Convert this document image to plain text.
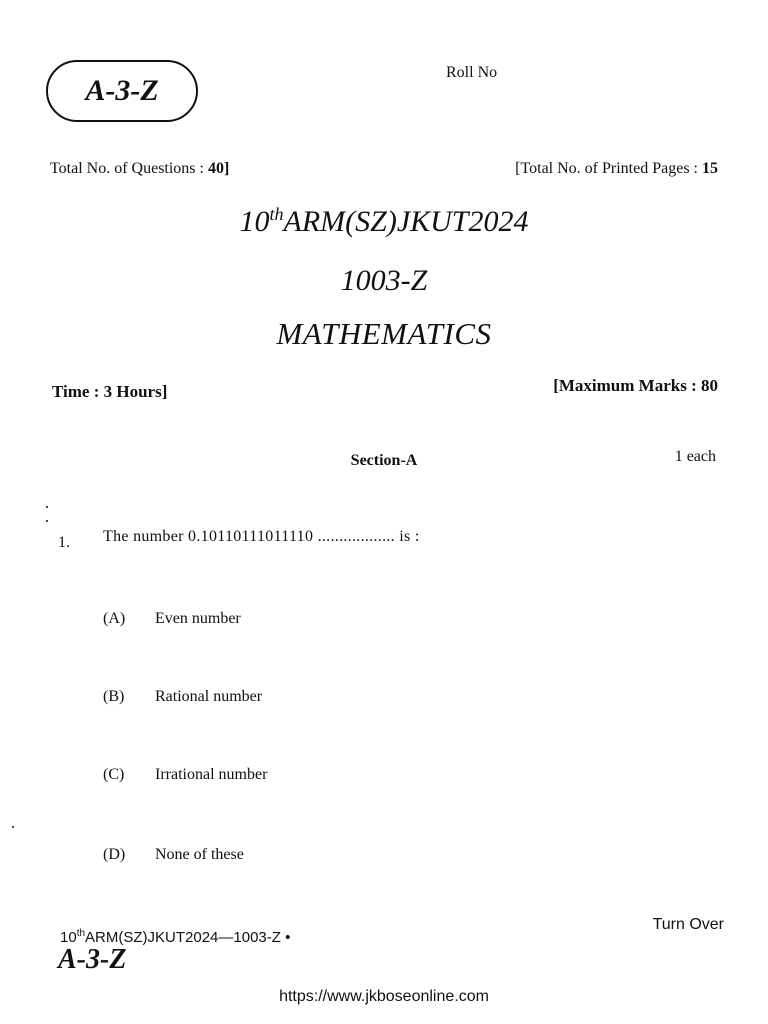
A-3-Z
Roll No
Total No. of Questions : 40]	[Total No. of Printed Pages : 15
10thARM(SZ)JKUT2024
1003-Z
MATHEMATICS
Time : 3 Hours]	[Maximum Marks : 80
Section-A	1 each
1. The number 0.10110111011110 .................. is :
(A) Even number
(B) Rational number
(C) Irrational number
(D) None of these
10thARM(SZ)JKUT2024—1003-Z •
A-3-Z
Turn Over
https://www.jkboseonline.com
